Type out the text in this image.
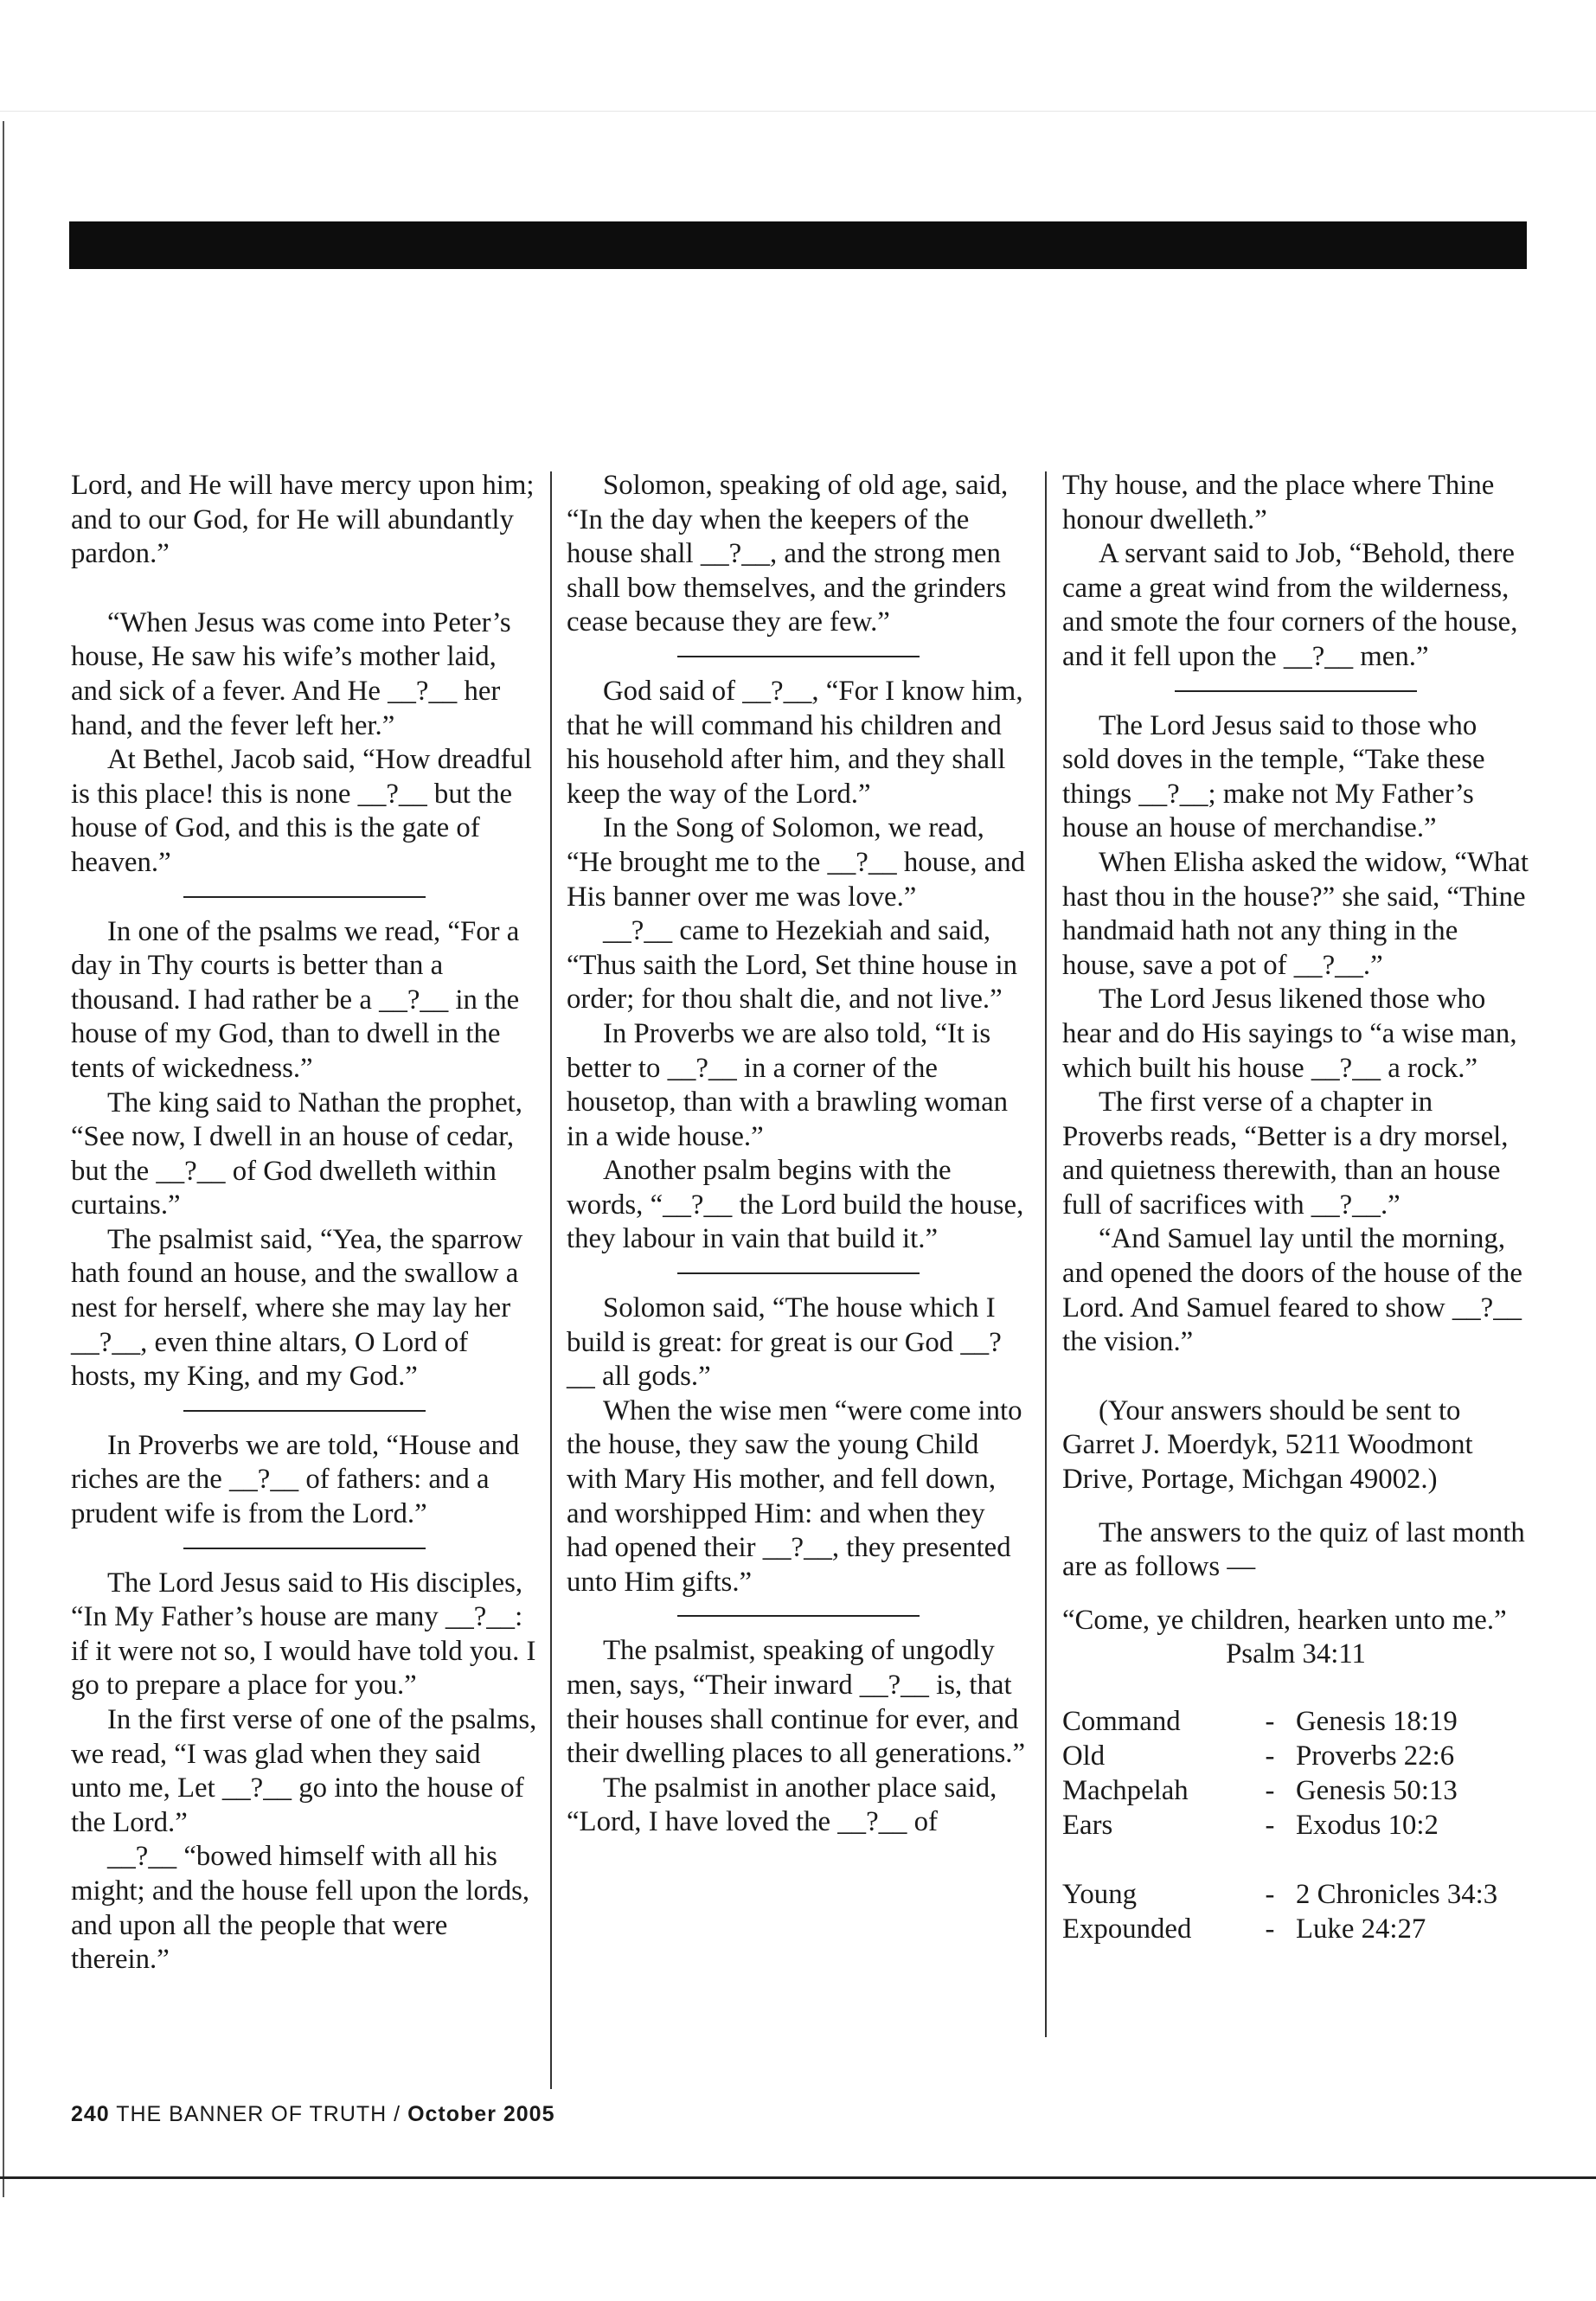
Lord, and He will have mercy upon him; and to our God, for He will abundantly pardon.”

“When Jesus was come into Peter’s house, He saw his wife’s mother laid, and sick of a fever. And He __?__ her hand, and the fever left her.”

At Bethel, Jacob said, “How dreadful is this place! this is none __?__ but the house of God, and this is the gate of heaven.”

In one of the psalms we read, “For a day in Thy courts is better than a thousand. I had rather be a __?__ in the house of my God, than to dwell in the tents of wickedness.”

The king said to Nathan the prophet, “See now, I dwell in an house of cedar, but the __?__ of God dwelleth within curtains.”

The psalmist said, “Yea, the sparrow hath found an house, and the swallow a nest for herself, where she may lay her __?__, even thine altars, O Lord of hosts, my King, and my God.”

In Proverbs we are told, “House and riches are the __?__ of fathers: and a prudent wife is from the Lord.”

The Lord Jesus said to His disciples, “In My Father’s house are many __?__: if it were not so, I would have told you. I go to prepare a place for you.”

In the first verse of one of the psalms, we read, “I was glad when they said unto me, Let __?__ go into the house of the Lord.”

__?__ “bowed himself with all his might; and the house fell upon the lords, and upon all the people that were therein.”

Solomon, speaking of old age, said, “In the day when the keepers of the house shall __?__, and the strong men shall bow themselves, and the grinders cease because they are few.”

God said of __?__, “For I know him, that he will command his children and his household after him, and they shall keep the way of the Lord.”

In the Song of Solomon, we read, “He brought me to the __?__ house, and His banner over me was love.”

__?__ came to Hezekiah and said, “Thus saith the Lord, Set thine house in order; for thou shalt die, and not live.”

In Proverbs we are also told, “It is better to __?__ in a corner of the housetop, than with a brawling woman in a wide house.”

Another psalm begins with the words, “__?__ the Lord build the house, they labour in vain that build it.”

Solomon said, “The house which I build is great: for great is our God __?__ all gods.”

When the wise men “were come into the house, they saw the young Child with Mary His mother, and fell down, and worshipped Him: and when they had opened their __?__, they presented unto Him gifts.”

The psalmist, speaking of ungodly men, says, “Their inward __?__ is, that their houses shall continue for ever, and their dwelling places to all generations.”

The psalmist in another place said, “Lord, I have loved the __?__ of

Thy house, and the place where Thine honour dwelleth.”

A servant said to Job, “Behold, there came a great wind from the wilderness, and smote the four corners of the house, and it fell upon the __?__ men.”

The Lord Jesus said to those who sold doves in the temple, “Take these things __?__; make not My Father’s house an house of merchandise.”

When Elisha asked the widow, “What hast thou in the house?” she said, “Thine handmaid hath not any thing in the house, save a pot of __?__.”

The Lord Jesus likened those who hear and do His sayings to “a wise man, which built his house __?__ a rock.”

The first verse of a chapter in Proverbs reads, “Better is a dry morsel, and quietness therewith, than an house full of sacrifices with __?__.”

“And Samuel lay until the morning, and opened the doors of the house of the Lord. And Samuel feared to show __?__ the vision.”

(Your answers should be sent to Garret J. Moerdyk, 5211 Woodmont Drive, Portage, Michgan 49002.)

The answers to the quiz of last month are as follows —

“Come, ye children, hearken unto me.”

Psalm 34:11

Command	- Genesis 18:19
Old	- Proverbs 22:6
Machpelah	- Genesis 50:13
Ears	- Exodus 10:2
Young	- 2 Chronicles 34:3
Expounded	- Luke 24:27
240 THE BANNER OF TRUTH / October 2005
